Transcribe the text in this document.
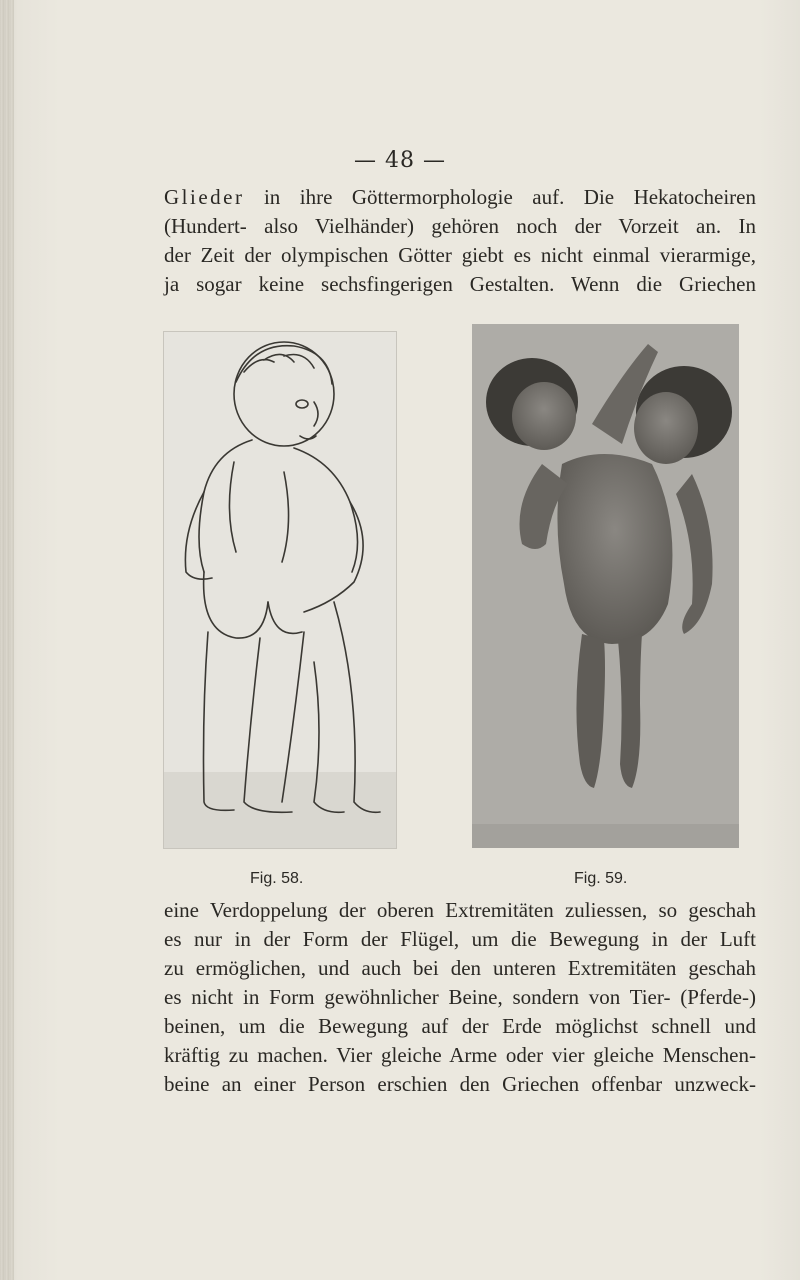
— 48 —
Glieder in ihre Göttermorphologie auf. Die Hekatocheiren
(Hundert- also Vielhänder) gehören noch der Vorzeit an. In
der Zeit der olympischen Götter giebt es nicht einmal vierarmige,
ja sogar keine sechsfingerigen Gestalten. Wenn die Griechen
Fig. 58.	Fig. 59.
eine Verdoppelung der oberen Extremitäten zuliessen, so geschah
es nur in der Form der Flügel, um die Bewegung in der Luft
zu ermöglichen, und auch bei den unteren Extremitäten geschah
es nicht in Form gewöhnlicher Beine, sondern von Tier- (Pferde-)
beinen, um die Bewegung auf der Erde möglichst schnell und
kräftig zu machen. Vier gleiche Arme oder vier gleiche Menschen-
beine an einer Person erschien den Griechen offenbar unzweck-
